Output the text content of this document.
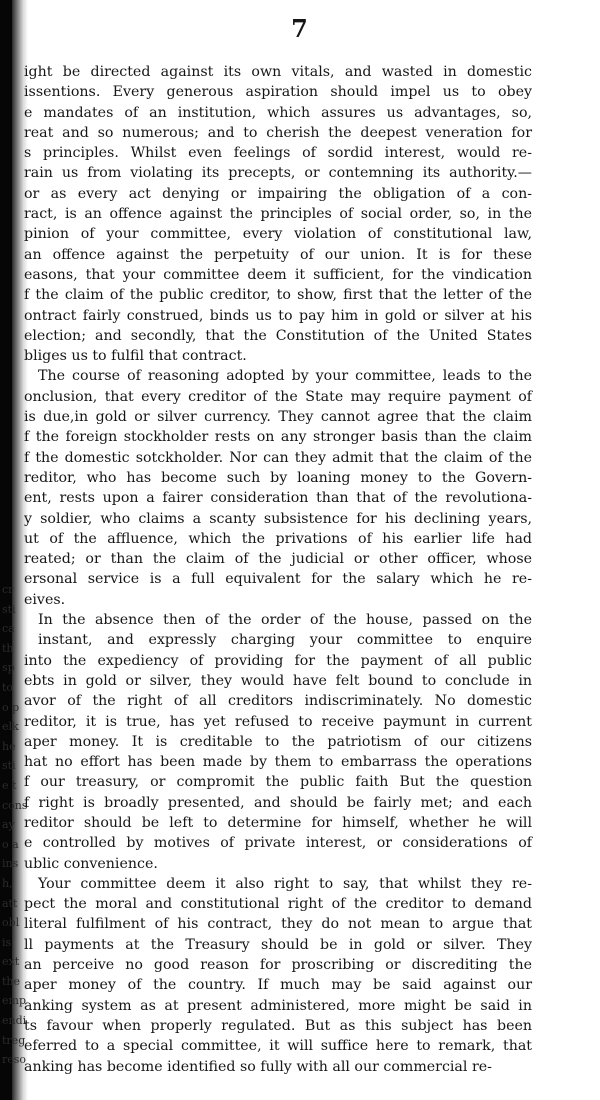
cr
sti
ca
th
sp
to
o p
elk
he
sti
e t
cons
ay
o a
ins
h,
att
obl
is
ext
the
emp
endi
treg
reso
7

ight be directed against its own vitals, and wasted in domestic
issentions. Every generous aspiration should impel us to obey
e mandates of an institution, which assures us advantages, so,
reat and so numerous; and to cherish the deepest veneration for
s principles. Whilst even feelings of sordid interest, would re-
rain us from violating its precepts, or contemning its authority.—
or as every act denying or impairing the obligation of a con-
ract, is an offence against the principles of social order, so, in the
pinion of your committee, every violation of constitutional law,
an offence against the perpetuity of our union. It is for these
easons, that your committee deem it sufficient, for the vindication
f the claim of the public creditor, to show, first that the letter of the
ontract fairly construed, binds us to pay him in gold or silver at his
election; and secondly, that the Constitution of the United States
bliges us to fulfil that contract.

The course of reasoning adopted by your committee, leads to the
onclusion, that every creditor of the State may require payment of
is due,in gold or silver currency. They cannot agree that the claim
f the foreign stockholder rests on any stronger basis than the claim
f the domestic sotckholder. Nor can they admit that the claim of the
reditor, who has become such by loaning money to the Govern-
ent, rests upon a fairer consideration than that of the revolutiona-
y soldier, who claims a scanty subsistence for his declining years,
ut of the affluence, which the privations of his earlier life had
reated; or than the claim of the judicial or other officer, whose
ersonal service is a full equivalent for the salary which he re-
eives.

In the absence then of the order of the house, passed on the
instant, and expressly charging your committee to enquire
into the expediency of providing for the payment of all public
ebts in gold or silver, they would have felt bound to conclude in
avor of the right of all creditors indiscriminately. No domestic
reditor, it is true, has yet refused to receive paymunt in current
aper money. It is creditable to the patriotism of our citizens
hat no effort has been made by them to embarrass the operations
f our treasury, or compromit the public faith But the question
f right is broadly presented, and should be fairly met; and each
reditor should be left to determine for himself, whether he will
e controlled by motives of private interest, or considerations of
ublic convenience.

Your committee deem it also right to say, that whilst they re-
pect the moral and constitutional right of the creditor to demand
literal fulfilment of his contract, they do not mean to argue that
ll payments at the Treasury should be in gold or silver. They
an perceive no good reason for proscribing or discrediting the
aper money of the country. If much may be said against our
anking system as at present administered, more might be said in
ts favour when properly regulated. But as this subject has been
eferred to a special committee, it will suffice here to remark, that
anking has become identified so fully with all our commercial re-
